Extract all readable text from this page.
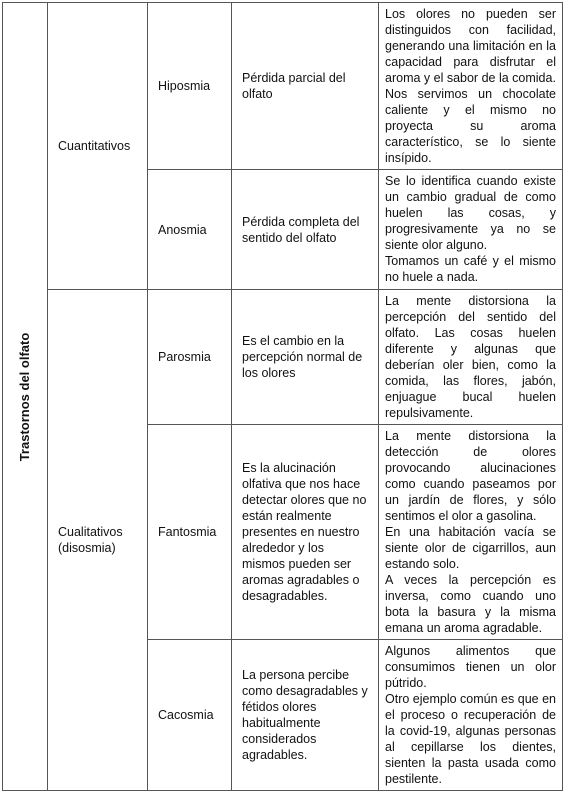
Trastornos del olfato	Cuantitativos	Hiposmia	Pérdida parcial del olfato	Los olores no pueden ser distinguidos con facilidad, generando una limitación en la capacidad para disfrutar el aroma y el sabor de la comida.

Nos servimos un chocolate caliente y el mismo no proyecta su aroma característico, se lo siente insípido.

		Anosmia	Pérdida completa del sentido del olfato	Se lo identifica cuando existe un cambio gradual de como huelen las cosas, y progresivamente ya no se siente olor alguno.

Tomamos un café y el mismo no huele a nada.

	Cualitativos (disosmia)	Parosmia	Es el cambio en la percepción normal de los olores	La mente distorsiona la percepción del sentido del olfato. Las cosas huelen diferente y algunas que deberían oler bien, como la comida, las flores, jabón, enjuague bucal huelen repulsivamente.

		Fantosmia	Es la alucinación olfativa que nos hace detectar olores que no están realmente presentes en nuestro alrededor y los mismos pueden ser aromas agradables o desagradables.	La mente distorsiona la detección de olores provocando alucinaciones como cuando paseamos por un jardín de flores, y sólo sentimos el olor a gasolina.

En una habitación vacía se siente olor de cigarrillos, aun estando solo.

A veces la percepción es inversa, como cuando uno bota la basura y la misma emana un aroma agradable.

		Cacosmia	La persona percibe como desagradables y fétidos olores habitualmente considerados agradables.	Algunos alimentos que consumimos tienen un olor pútrido.

Otro ejemplo común es que en el proceso o recuperación de la covid-19, algunas personas al cepillarse los dientes, sienten la pasta usada como pestilente.
